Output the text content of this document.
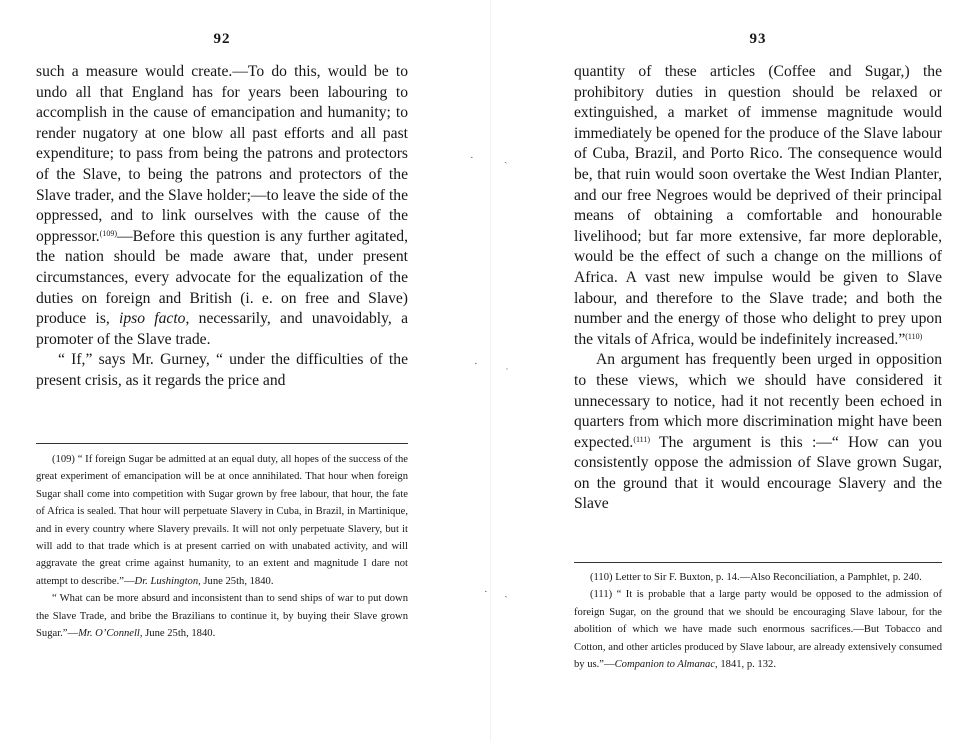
·           ˎ
·          ˌ
·      ˎ
92

such a measure would create.—To do this, would be to undo all that England has for years been labouring to accomplish in the cause of emancipation and humanity; to render nugatory at one blow all past efforts and all past expenditure; to pass from being the patrons and protectors of the Slave, to being the patrons and protectors of the Slave trader, and the Slave holder;—to leave the side of the oppressed, and to link ourselves with the cause of the oppressor.$^{(109)}$—Before this question is any further agitated, the nation should be made aware that, under present circumstances, every advocate for the equalization of the duties on foreign and British (i. e. on free and Slave) produce is, ipso facto, necessarily, and unavoidably, a promoter of the Slave trade.

“ If,” says Mr. Gurney, “ under the difficulties of the present crisis, as it regards the price and

(109) “ If foreign Sugar be admitted at an equal duty, all hopes of the success of the great experiment of emancipation will be at once annihilated. That hour when foreign Sugar shall come into competition with Sugar grown by free labour, that hour, the fate of Africa is sealed. That hour will perpetuate Slavery in Cuba, in Brazil, in Martinique, and in every country where Slavery prevails. It will not only perpetuate Slavery, but it will add to that trade which is at present carried on with unabated activity, and will aggravate the great crime against humanity, to an extent and magnitude I dare not attempt to describe.”—Dr. Lushington, June 25th, 1840.

“ What can be more absurd and inconsistent than to send ships of war to put down the Slave Trade, and bribe the Brazilians to continue it, by buying their Slave grown Sugar.”—Mr. O’Connell, June 25th, 1840.

93

quantity of these articles (Coffee and Sugar,) the prohibitory duties in question should be relaxed or extinguished, a market of immense magnitude would immediately be opened for the produce of the Slave labour of Cuba, Brazil, and Porto Rico. The consequence would be, that ruin would soon overtake the West Indian Planter, and our free Negroes would be deprived of their principal means of obtaining a comfortable and honourable livelihood; but far more extensive, far more deplorable, would be the effect of such a change on the millions of Africa. A vast new impulse would be given to Slave labour, and therefore to the Slave trade; and both the number and the energy of those who delight to prey upon the vitals of Africa, would be indefinitely increased.”$^{(110)}$

An argument has frequently been urged in opposition to these views, which we should have considered it unnecessary to notice, had it not recently been echoed in quarters from which more discrimination might have been expected.$^{(111)}$ The argument is this :—“ How can you consistently oppose the admission of Slave grown Sugar, on the ground that it would encourage Slavery and the Slave

(110) Letter to Sir F. Buxton, p. 14.—Also Reconciliation, a Pamphlet, p. 240.

(111) “ It is probable that a large party would be opposed to the admission of foreign Sugar, on the ground that we should be encouraging Slave labour, for the abolition of which we have made such enormous sacrifices.—But Tobacco and Cotton, and other articles produced by Slave labour, are already extensively consumed by us.”—Companion to Almanac, 1841, p. 132.
